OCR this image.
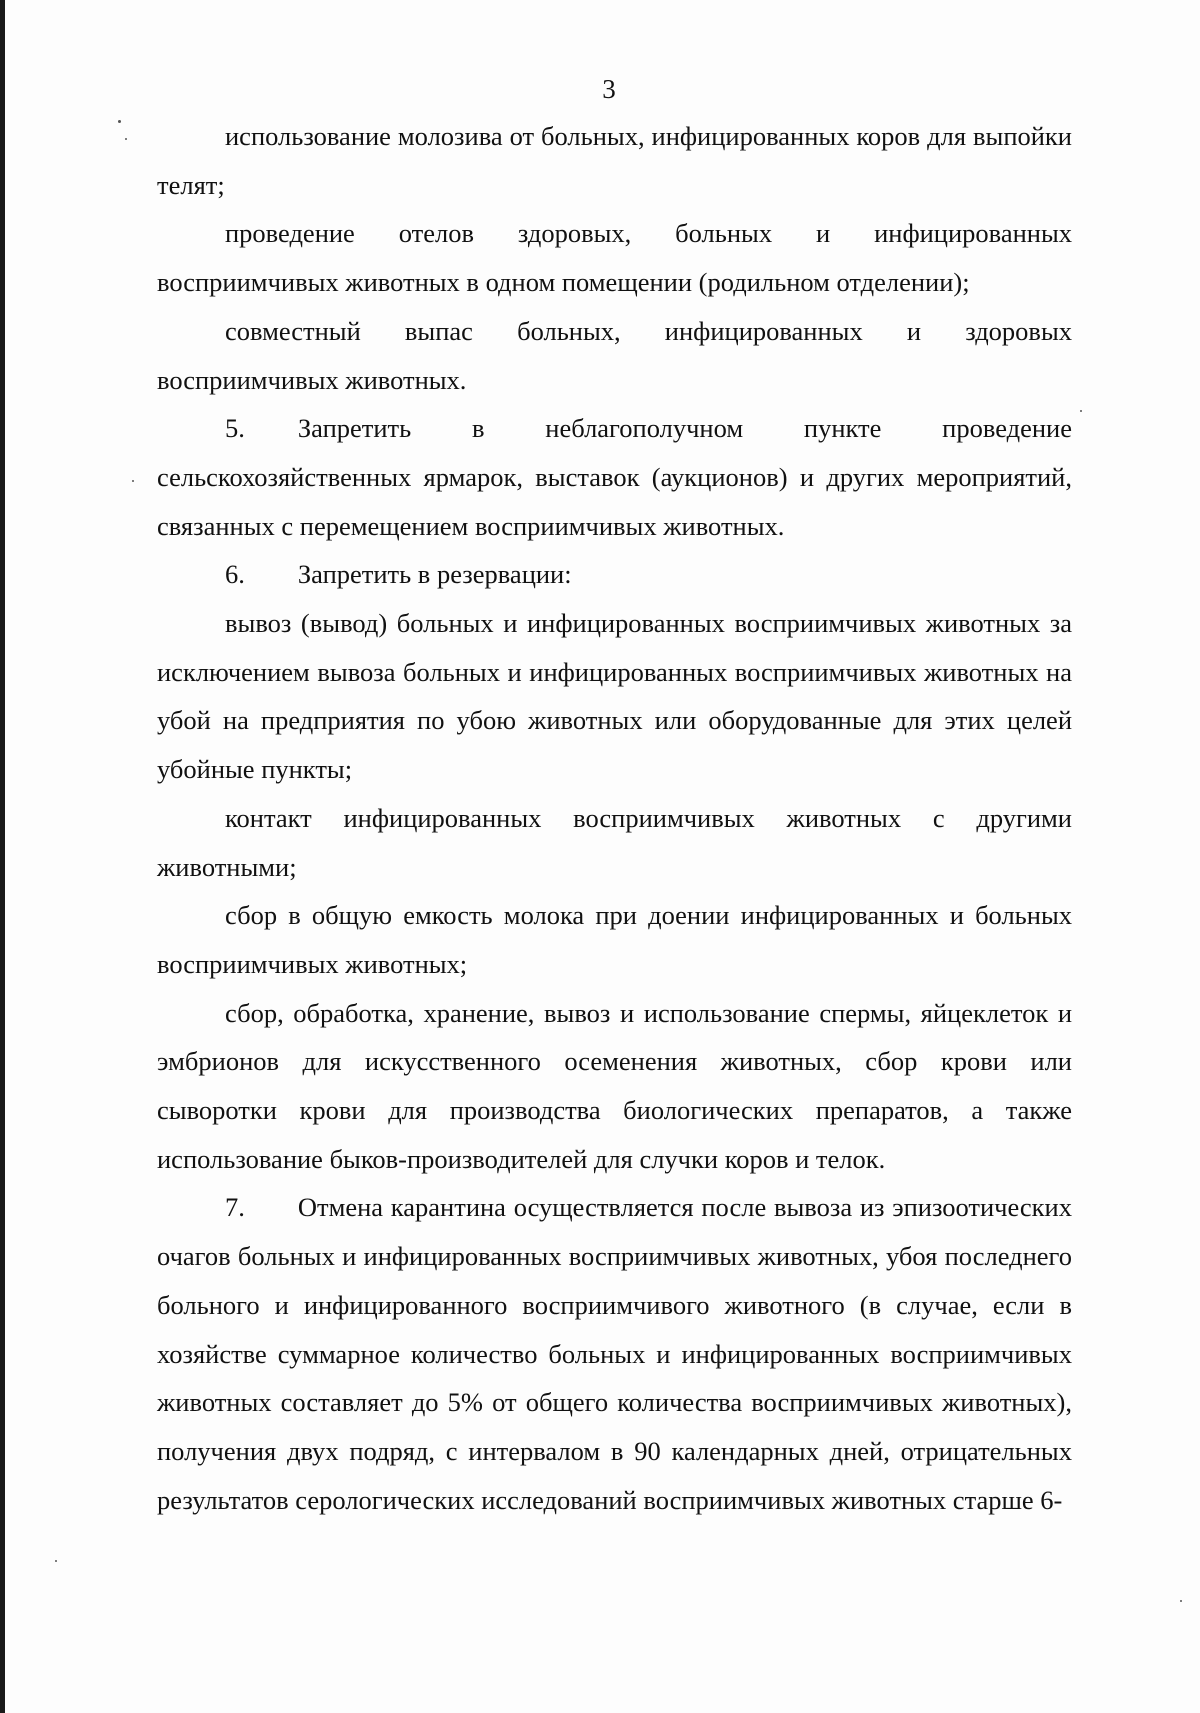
3

использование молозива от больных, инфицированных коров для выпойки телят;

проведение отелов здоровых, больных и инфицированных восприимчивых животных в одном помещении (родильном отделении);

совместный выпас больных, инфицированных и здоровых восприимчивых животных.

5.  Запретить в неблагополучном пункте проведение сельскохозяйственных ярмарок, выставок (аукционов) и других мероприятий, связанных с перемещением восприимчивых животных.

6.  Запретить в резервации:

вывоз (вывод) больных и инфицированных восприимчивых животных за исключением вывоза больных и инфицированных восприимчивых животных на убой на предприятия по убою животных или оборудованные для этих целей убойные пункты;

контакт инфицированных восприимчивых животных с другими животными;

сбор в общую емкость молока при доении инфицированных и больных восприимчивых животных;

сбор, обработка, хранение, вывоз и использование спермы, яйцеклеток и эмбрионов для искусственного осеменения животных, сбор крови или сыворотки крови для производства биологических препаратов, а также использование быков-производителей для случки коров и телок.

7.  Отмена карантина осуществляется после вывоза из эпизоотических очагов больных и инфицированных восприимчивых животных, убоя последнего больного и инфицированного восприимчивого животного (в случае, если в хозяйстве суммарное количество больных и инфицированных восприимчивых животных составляет до 5% от общего количества восприимчивых животных), получения двух подряд, с интервалом в 90 календарных дней, отрицательных результатов серологических исследований восприимчивых животных старше 6-
